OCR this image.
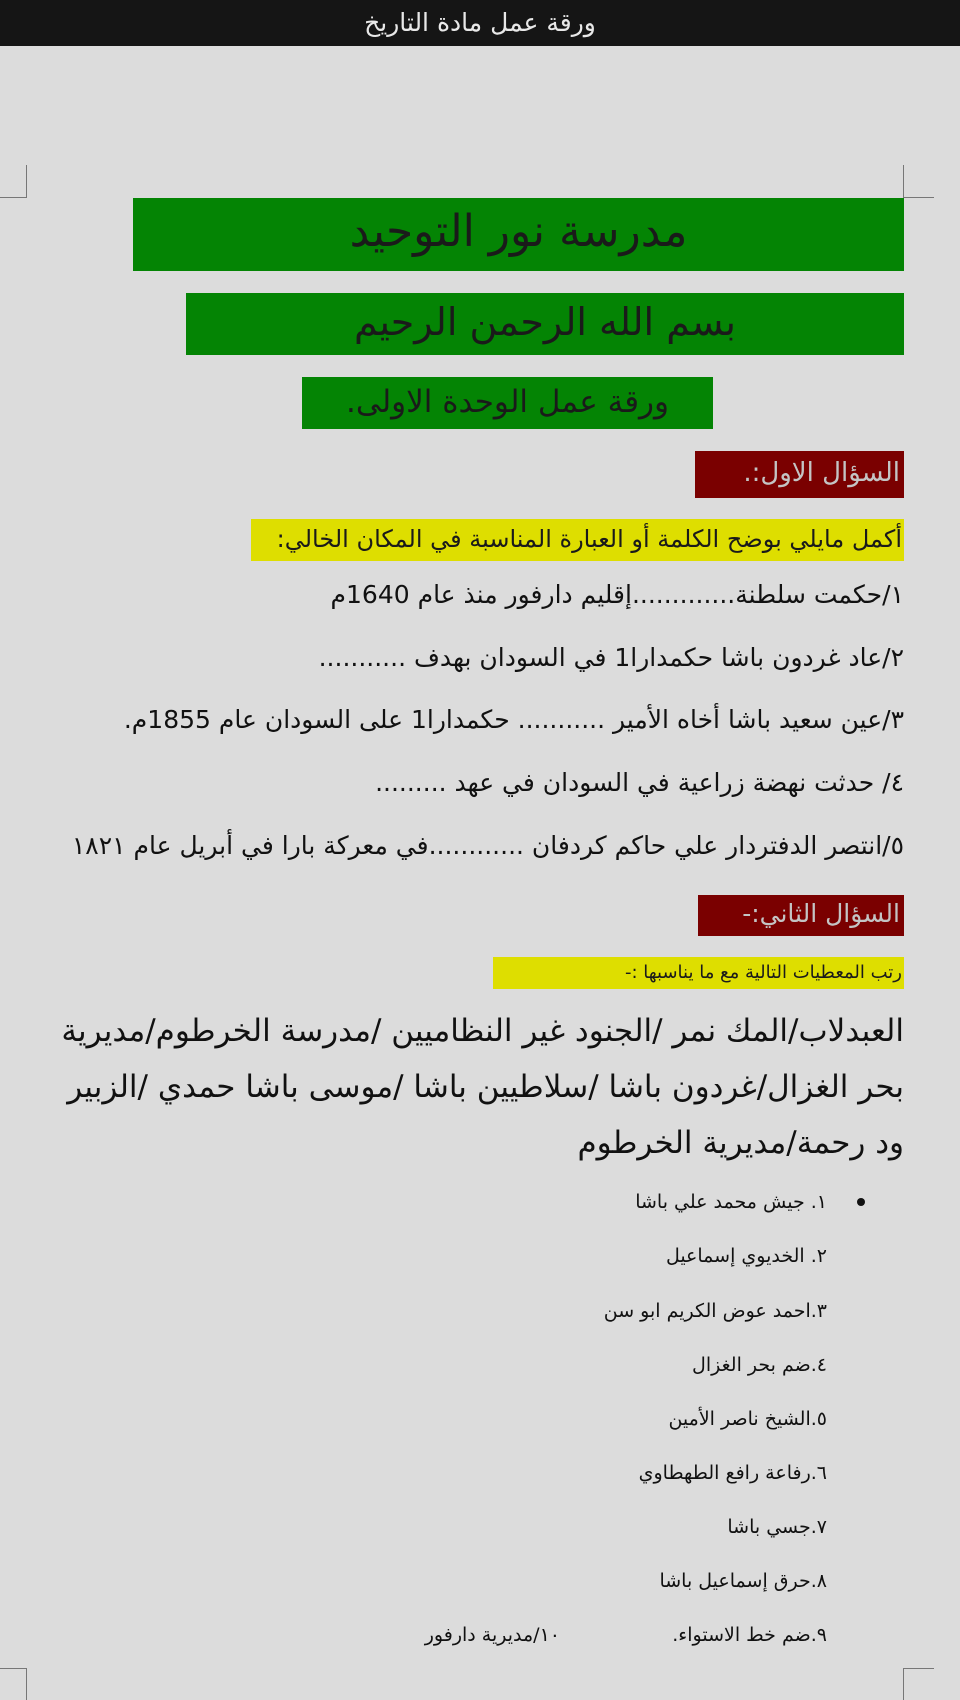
ورقة عمل مادة التاريخ
مدرسة نور التوحيد
بسم الله الرحمن الرحيم
ورقة عمل الوحدة الاولى.
السؤال الاول:.
أكمل مايلي بوضح الكلمة أو العبارة المناسبة في المكان الخالي:
١/حكمت سلطنة.............إقليم دارفور منذ عام 1640م
٢/عاد غردون باشا حكمدارا1 في السودان بهدف ...........
٣/عين سعيد باشا أخاه الأمير ........... حكمدارا1 على السودان عام 1855م.
٤/ حدثت نهضة زراعية في السودان في عهد .........
٥/انتصر الدفتردار علي حاكم كردفان ............في معركة بارا في أبريل عام ١٨٢١
السؤال الثاني:-
رتب المعطيات التالية مع ما يناسبها :-
العبدلاب/المك نمر /الجنود غير النظاميين /مدرسة الخرطوم/مديرية بحر الغزال/غردون باشا /سلاطيين باشا /موسى باشا حمدي /الزبير ود رحمة/مديرية الخرطوم
١. جيش محمد علي باشا
٢. الخديوي إسماعيل
٣.احمد عوض الكريم ابو سن
٤.ضم بحر الغزال
٥.الشيخ ناصر الأمين
٦.رفاعة رافع الطهطاوي
٧.جسي باشا
٨.حرق إسماعيل باشا
٩.ضم خط الاستواء.
١٠/مديرية دارفور
